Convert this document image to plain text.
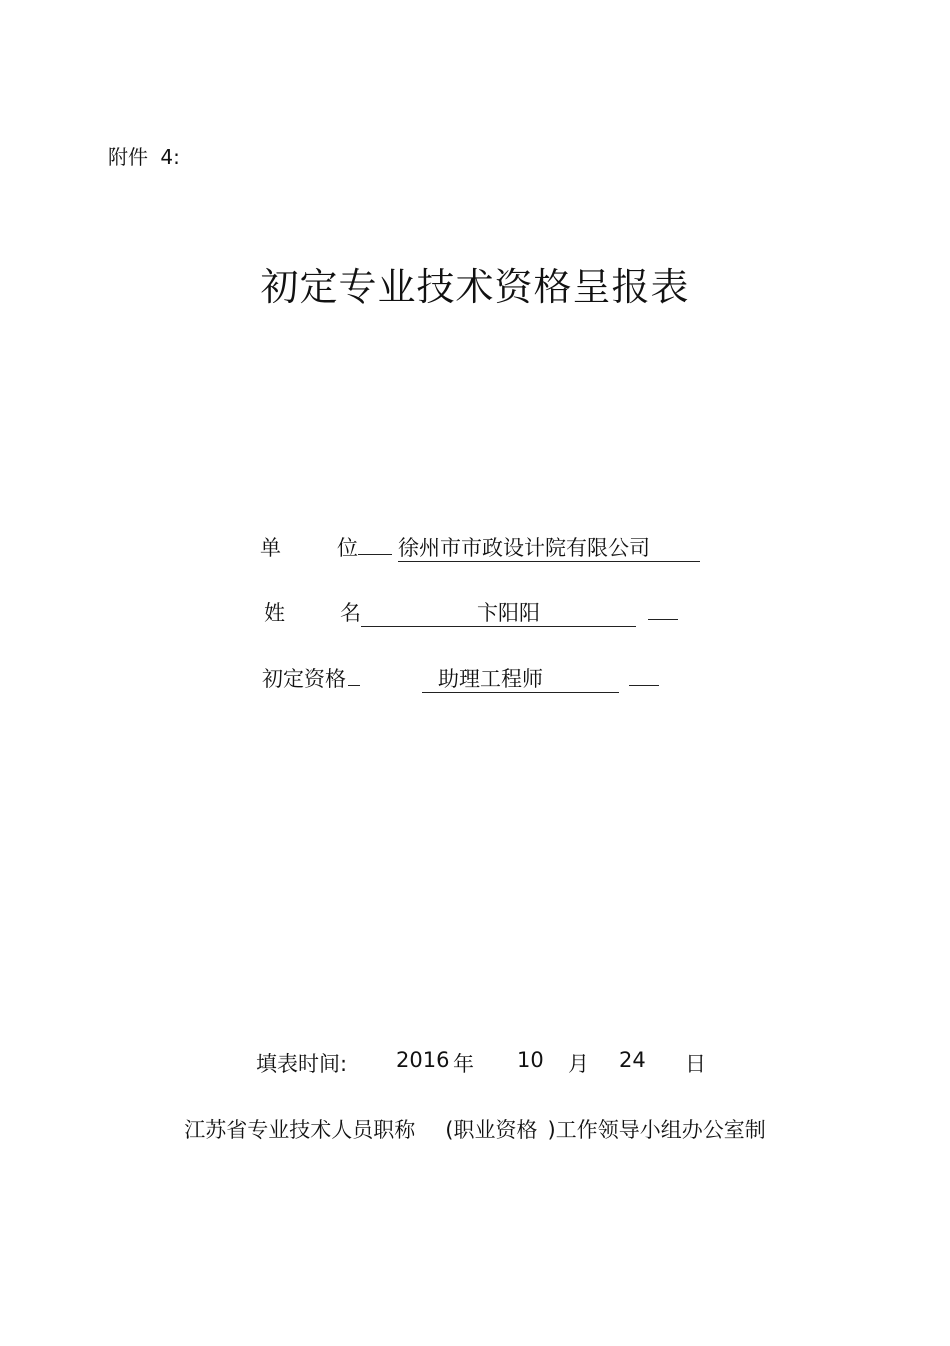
附件 4:
初定专业技术资格呈报表
单	位 徐州市市政设计院有限公司
姓	名	卞阳阳
初定资格	助理工程师
填表时间: 2016 年 10 月 24 日
江苏省专业技术人员职称 (职业资格 )工作领导小组办公室制
